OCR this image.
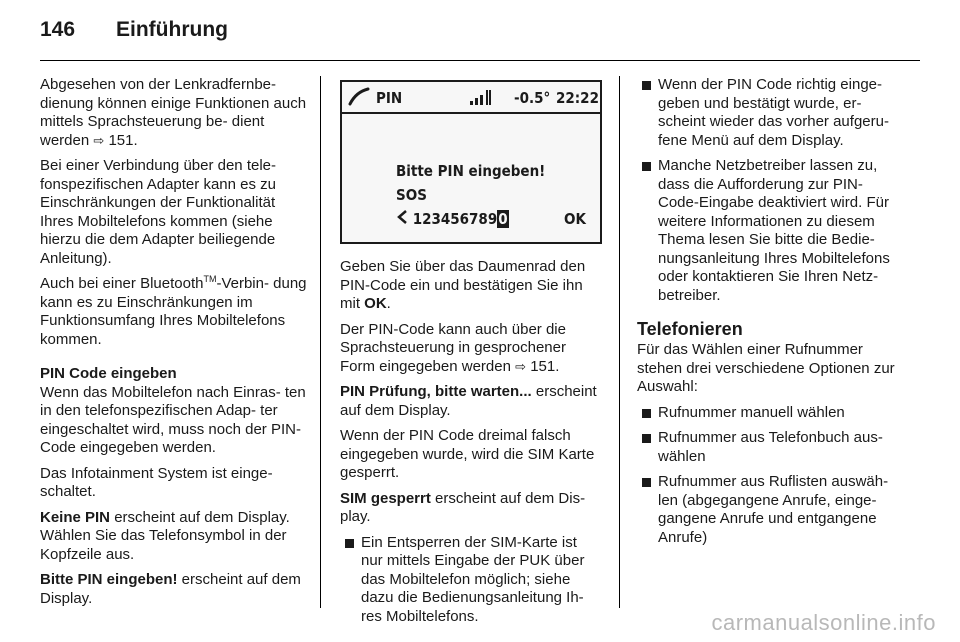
146 Einführung

Abgesehen von der Lenkradfernbe- dienung können einige Funktionen auch mittels Sprachsteuerung be- dient werden ⇨ 151.

Bei einer Verbindung über den tele- fonspezifischen Adapter kann es zu Einschränkungen der Funktionalität Ihres Mobiltelefons kommen (siehe hierzu die dem Adapter beiliegende Anleitung).

Auch bei einer Bluetooth™-Verbin- dung kann es zu Einschränkungen im Funktionsumfang Ihres Mobiltelefons kommen.

PIN Code eingeben
Wenn das Mobiltelefon nach Einras- ten in den telefonspezifischen Adap- ter eingeschaltet wird, muss noch der PIN-Code eingegeben werden.

Das Infotainment System ist einge- schaltet.

Keine PIN erscheint auf dem Display. Wählen Sie das Telefonsymbol in der Kopfzeile aus.

Bitte PIN eingeben! erscheint auf dem Display.

PIN	-0.5° 22:22
Bitte PIN eingeben!
SOS
1234567890	OK

Geben Sie über das Daumenrad den PIN-Code ein und bestätigen Sie ihn mit OK.

Der PIN-Code kann auch über die Sprachsteuerung in gesprochener Form eingegeben werden ⇨ 151.

PIN Prüfung, bitte warten... erscheint auf dem Display.

Wenn der PIN Code dreimal falsch eingegeben wurde, wird die SIM Karte gesperrt.

SIM gesperrt erscheint auf dem Dis- play.

Ein Entsperren der SIM-Karte ist nur mittels Eingabe der PUK über das Mobiltelefon möglich; siehe dazu die Bedienungsanleitung Ih- res Mobiltelefons.
Wenn der PIN Code richtig einge- geben und bestätigt wurde, er- scheint wieder das vorher aufgeru- fene Menü auf dem Display.
Manche Netzbetreiber lassen zu, dass die Aufforderung zur PIN- Code-Eingabe deaktiviert wird. Für weitere Informationen zu diesem Thema lesen Sie bitte die Bedie- nungsanleitung Ihres Mobiltelefons oder kontaktieren Sie Ihren Netz- betreiber.
Telefonieren

Für das Wählen einer Rufnummer stehen drei verschiedene Optionen zur Auswahl:

Rufnummer manuell wählen
Rufnummer aus Telefonbuch aus- wählen
Rufnummer aus Ruflisten auswäh- len (abgegangene Anrufe, einge- gangene Anrufe und entgangene Anrufe)
carmanualsonline.info
